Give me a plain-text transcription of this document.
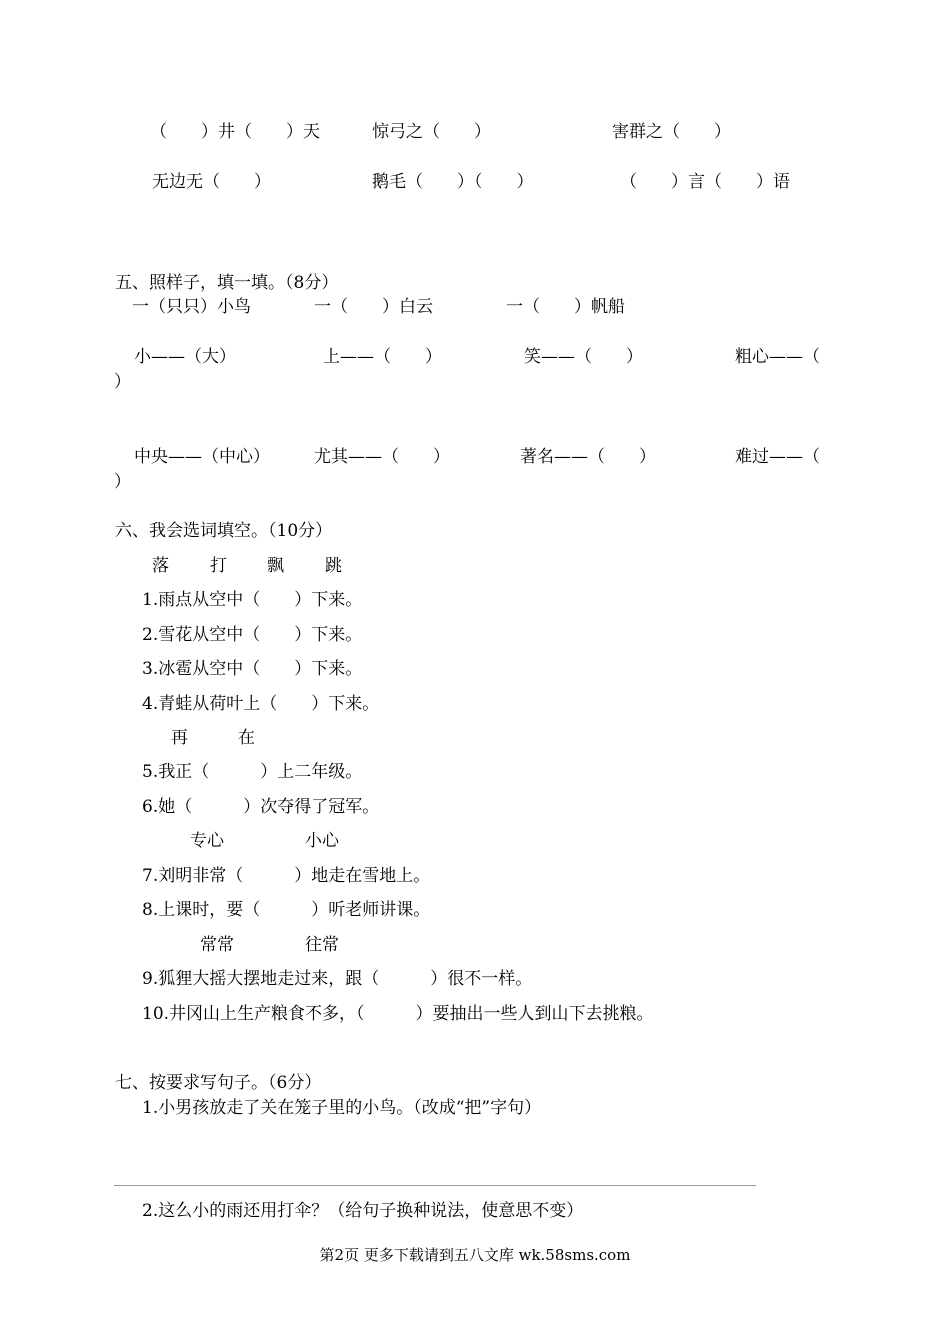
（　　）井（　　）天	惊弓之（　　）	害群之（　　）
无边无（　　）	鹅毛（　　）（　　）	（　　）言（　　）语
五、照样子，填一填。（8分）
一（只只）小鸟	一（　　）白云	一（　　）帆船
小——（大）	上——（　　）	笑——（　　）	粗心——（
）
中央——（中心）	尤其——（　　）	著名——（　　）	难过——（
）
六、我会选词填空。（10分）
落 打 飘 跳
1.雨点从空中（　　）下来。
2.雪花从空中（　　）下来。
3.冰雹从空中（　　）下来。
4.青蛙从荷叶上（　　）下来。
再	在
5.我正（　　　）上二年级。
6.她（　　　）次夺得了冠军。
专心	小心
7.刘明非常（　　　）地走在雪地上。
8.上课时，要（　　　）听老师讲课。
常常	往常
9.狐狸大摇大摆地走过来，跟（　　　）很不一样。
10.井冈山上生产粮食不多，（　　　）要抽出一些人到山下去挑粮。
七、按要求写句子。（6分）
1.小男孩放走了关在笼子里的小鸟。（改成“把”字句）
2.这么小的雨还用打伞？（给句子换种说法，使意思不变）
第2页 更多下载请到五八文库 wk.58sms.com
